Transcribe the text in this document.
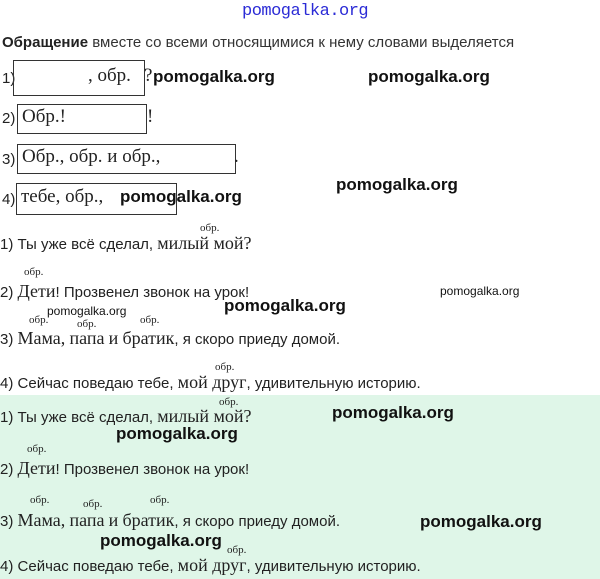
pomogalka.org
Обращение вместе со всеми относящимися к нему словами выделяется
1)	, обр. ?
2) Обр.!	!
3) Обр., обр. и обр.,	.
4) тебе, обр.,
1) Ты уже всё сделал, милый мой?
обр.
2) Дети! Прозвенел звонок на урок!
обр.
3) Мама, папа и братик, я скоро приеду домой.
обр.	обр.	обр.
4) Сейчас поведаю тебе, мой друг, удивительную историю.
обр.
1) Ты уже всё сделал, милый мой?
обр.
2) Дети! Прозвенел звонок на урок!
обр.
3) Мама, папа и братик, я скоро приеду домой.
обр.	обр.	обр.
4) Сейчас поведаю тебе, мой друг, удивительную историю.
обр.
pomogalka.org	pomogalka.org
pomogalka.org
pomogalka.org
pomogalka.org
pomogalka.org
pomogalka.org
pomogalka.org
pomogalka.org
pomogalka.org
pomogalka.org
